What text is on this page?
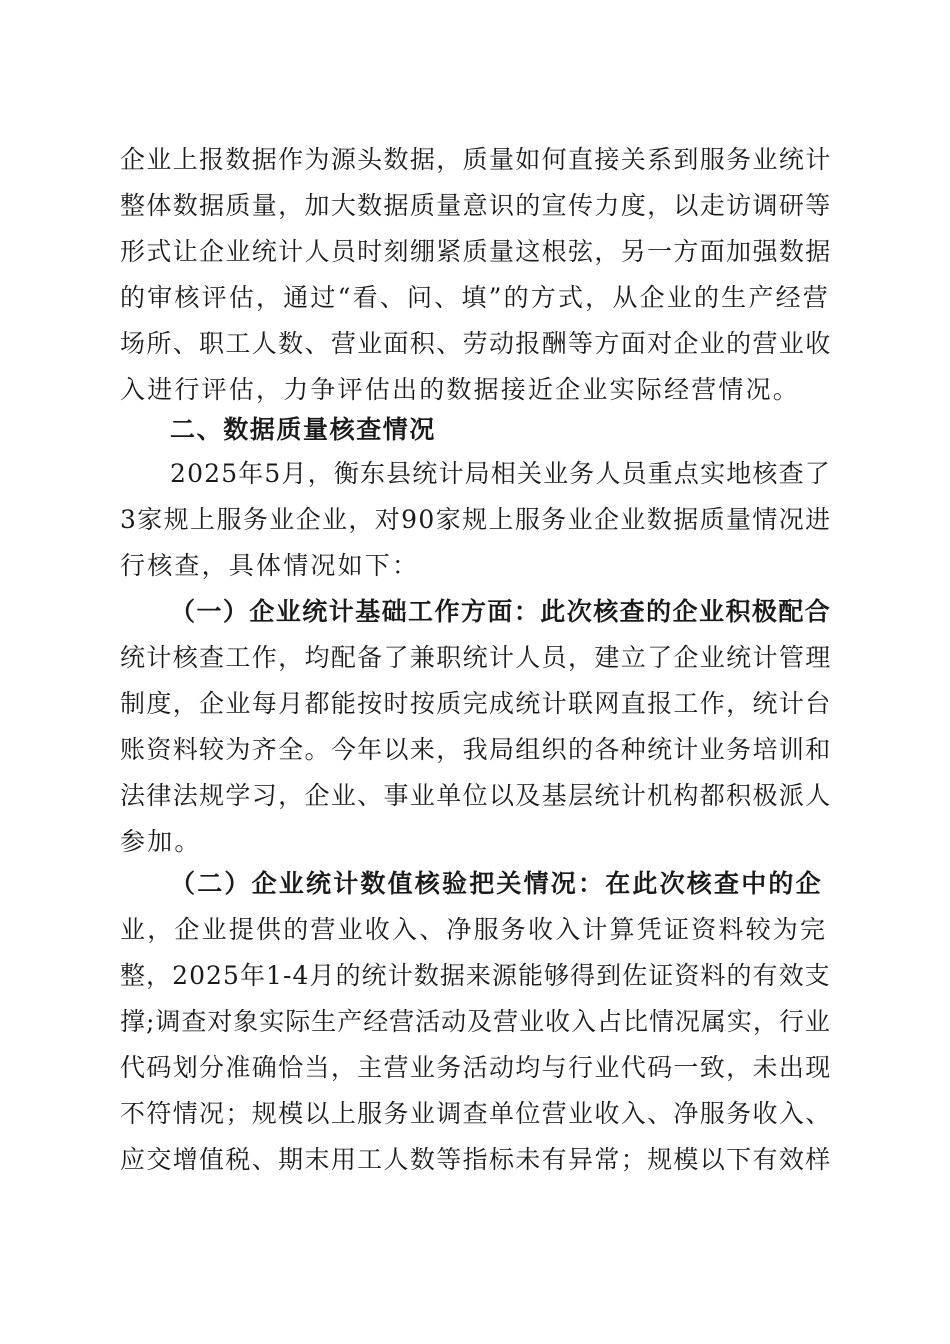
企业上报数据作为源头数据，质量如何直接关系到服务业统计
整体数据质量，加大数据质量意识的宣传力度，以走访调研等
形式让企业统计人员时刻绷紧质量这根弦，另一方面加强数据
的审核评估，通过“看、问、填”的方式，从企业的生产经营
场所、职工人数、营业面积、劳动报酬等方面对企业的营业收
入进行评估，力争评估出的数据接近企业实际经营情况。
二、数据质量核查情况
2025年5月，衡东县统计局相关业务人员重点实地核查了
3家规上服务业企业，对90家规上服务业企业数据质量情况进
行核查，具体情况如下：
（一）企业统计基础工作方面：此次核查的企业积极配合
统计核查工作，均配备了兼职统计人员，建立了企业统计管理
制度，企业每月都能按时按质完成统计联网直报工作，统计台
账资料较为齐全。今年以来，我局组织的各种统计业务培训和
法律法规学习，企业、事业单位以及基层统计机构都积极派人
参加。
（二）企业统计数值核验把关情况：在此次核查中的企
业，企业提供的营业收入、净服务收入计算凭证资料较为完
整，2025年1-4月的统计数据来源能够得到佐证资料的有效支
撑;调查对象实际生产经营活动及营业收入占比情况属实，行业
代码划分准确恰当，主营业务活动均与行业代码一致，未出现
不符情况；规模以上服务业调查单位营业收入、净服务收入、
应交增值税、期末用工人数等指标未有异常；规模以下有效样
